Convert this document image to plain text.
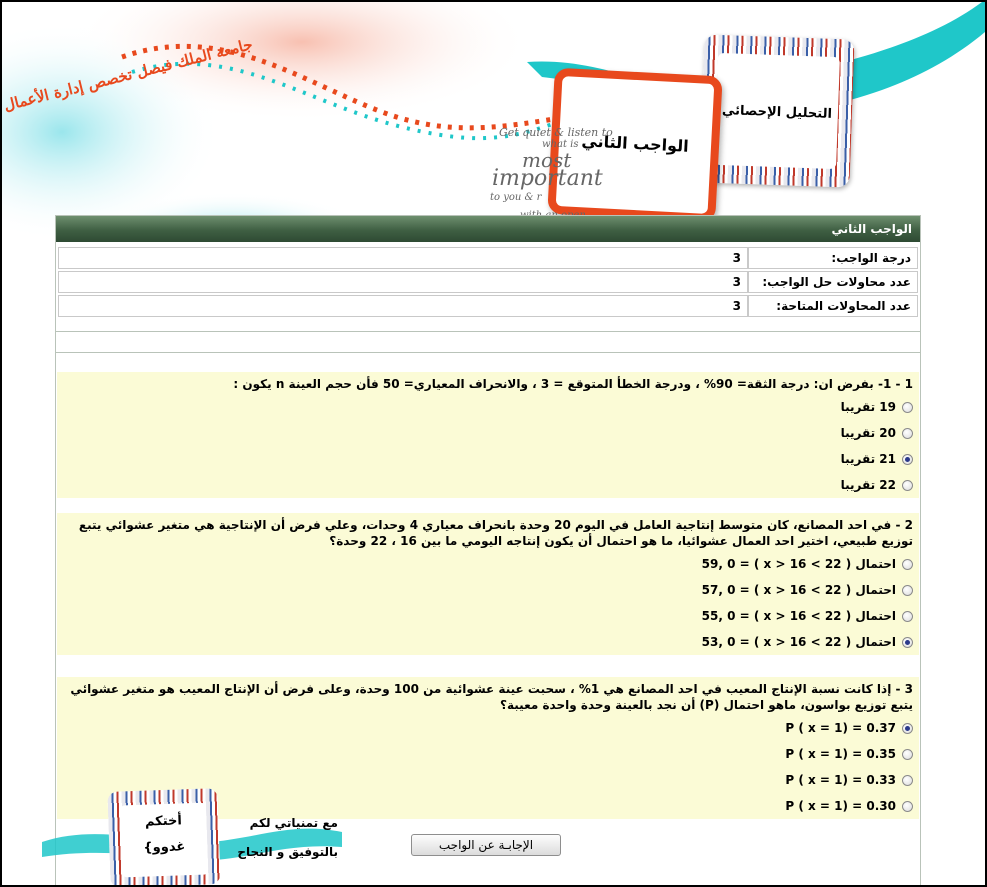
جامعة الملك فيصل تخصص إدارة الأعمال	التحليل الإحصائي
الواجب الثاني
Get quiet & listen to
what is
most
important
to you & r
الواجب الثاني
درجة الواجب:	3
عدد محاولات حل الواجب:	3
عدد المحاولات المتاحة:	3
1 - 1- بفرض ان: درجة الثقة= 90% ، ودرجة الخطأ المتوقع = 3 ، والانحراف المعياري= 50 فأن حجم العينة n يكون :
19 تقريبا
20 تقريبا
21 تقريبا
22 تقريبا
2 - في احد المصانع، كان متوسط إنتاجية العامل في اليوم 20 وحدة بانحراف معياري 4 وحدات، وعلي فرض أن الإنتاجية هي متغير عشوائي يتبع توزيع طبيعي، اختير احد العمال عشوائيا، ما هو احتمال أن يكون إنتاجه اليومي ما بين 16 ، 22 وحدة؟
احتمال ( 22 > x > 16 ) = 59, 0
احتمال ( 22 > x > 16 ) = 57, 0
احتمال ( 22 > x > 16 ) = 55, 0
احتمال ( 22 > x > 16 ) = 53, 0
3 - إذا كانت نسبة الإنتاج المعيب في احد المصانع هي 1% ، سحبت عينة عشوائية من 100 وحدة، وعلى فرض أن الإنتاج المعيب هو متغير عشوائي يتبع توزيع بواسون، ماهو احتمال (P) أن نجد بالعينة وحدة واحدة معيبة؟
P ( x = 1) = 0.37
P ( x = 1) = 0.35
P ( x = 1) = 0.33
P ( x = 1) = 0.30
الإجابـة عن الواجب
أختكم
غدوو}
مع تمنياتي لكم
بالتوفيق و النجاح
